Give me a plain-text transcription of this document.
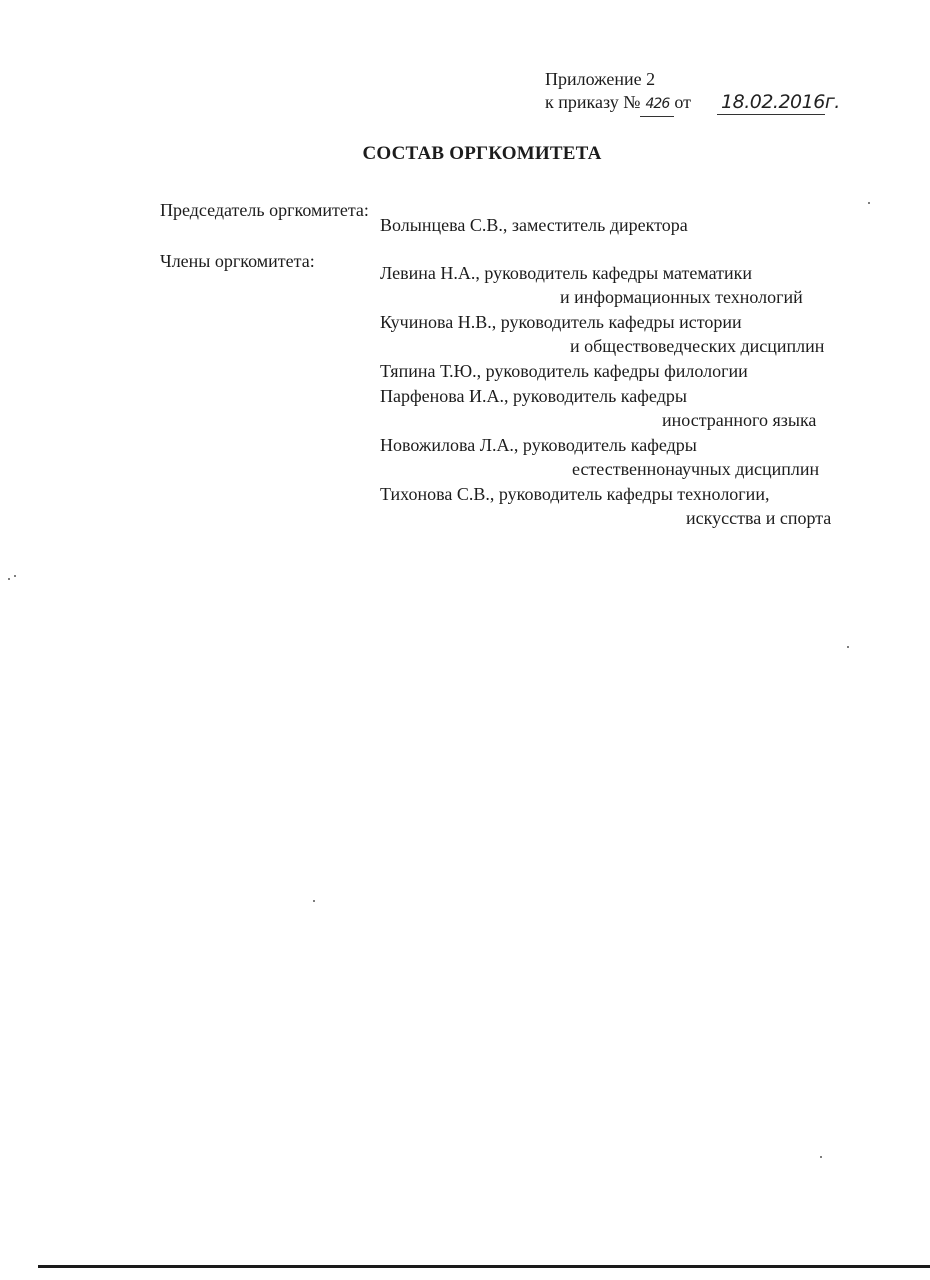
Приложение 2
к приказу № 426 от 18.02.2016г.
СОСТАВ ОРГКОМИТЕТА
Председатель оргкомитета:
Волынцева С.В., заместитель директора
Члены оргкомитета:
Левина Н.А., руководитель кафедры математики
и информационных технологий
Кучинова Н.В., руководитель кафедры истории
и обществоведческих дисциплин
Тяпина Т.Ю., руководитель кафедры филологии
Парфенова И.А., руководитель кафедры
иностранного языка
Новожилова Л.А., руководитель кафедры
естественнонаучных дисциплин
Тихонова С.В., руководитель кафедры технологии,
искусства и спорта
